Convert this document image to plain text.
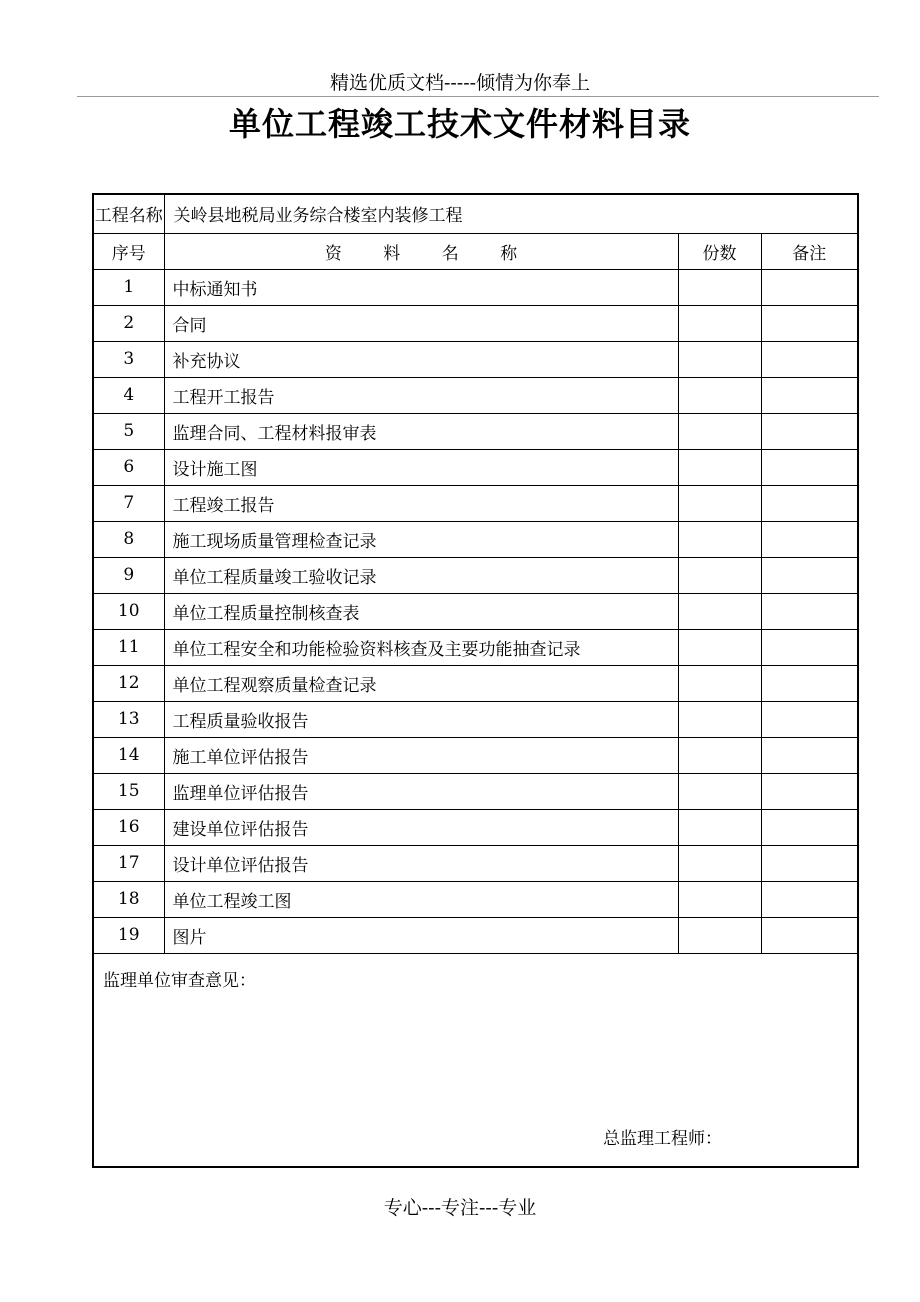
精选优质文档-----倾情为你奉上
单位工程竣工技术文件材料目录
工程名称	关岭县地税局业务综合楼室内装修工程		
序号	资 料 名 称	份数	备注
1	中标通知书		
2	合同		
3	补充协议		
4	工程开工报告		
5	监理合同、工程材料报审表		
6	设计施工图		
7	工程竣工报告		
8	施工现场质量管理检查记录		
9	单位工程质量竣工验收记录		
10	单位工程质量控制核查表		
11	单位工程安全和功能检验资料核查及主要功能抽查记录		
12	单位工程观察质量检查记录		
13	工程质量验收报告		
14	施工单位评估报告		
15	监理单位评估报告		
16	建设单位评估报告		
17	设计单位评估报告		
18	单位工程竣工图		
19	图片		
监理单位审查意见：
总监理工程师：
专心---专注---专业
